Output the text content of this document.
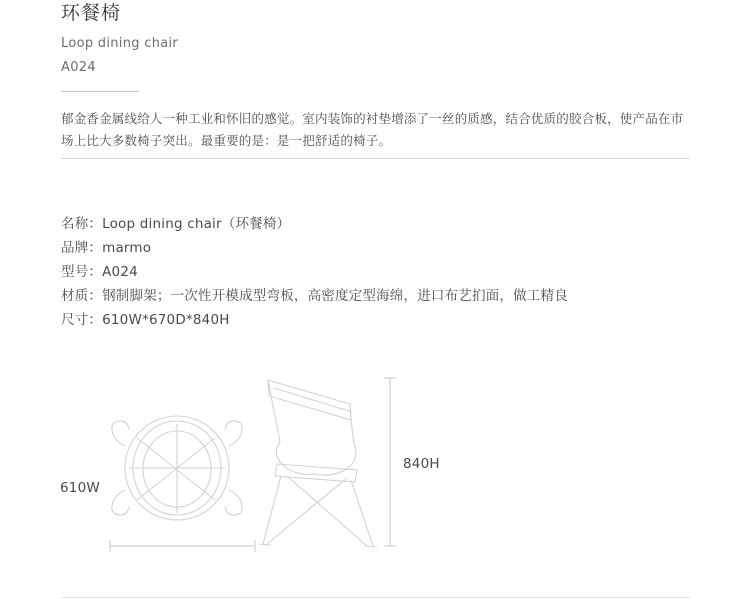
环餐椅
Loop dining chair
A024
郁金香金属线给人一种工业和怀旧的感觉。室内装饰的衬垫增添了一丝的质感，结合优质的胶合板，使产品在市场上比大多数椅子突出。最重要的是：是一把舒适的椅子。
名称：Loop dining chair（环餐椅）
品牌：marmo
型号：A024
材质：钢制脚架；一次性开模成型弯板，高密度定型海绵，进口布艺扪面，做工精良
尺寸：610W*670D*840H
610W
840H
